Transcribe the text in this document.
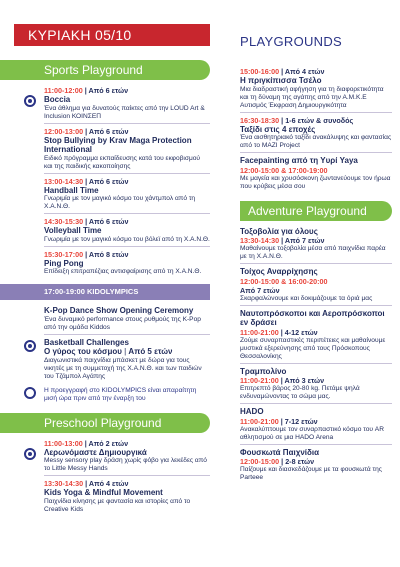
ΚΥΡΙΑΚΗ 05/10
Sports Playground
11:00-12:00 | Από 6 ετών
Boccia
Ένα άθλημα για δυνατούς παίκτες από την LOUD Art & Inclusion ΚΟΙΝΣΕΠ
12:00-13:00 | Από 6 ετών
Stop Bullying by Krav Maga Protection International
Ειδικό πρόγραμμα εκπαίδευσης κατά του εκφοβισμού και της παιδικής κακοποίησης
13:00-14:30 | Από 6 ετών
Handball Time
Γνωριμία με τον μαγικό κόσμο του χάντμπολ από τη Χ.Α.Ν.Θ.
14:30-15:30 | Από 6 ετών
Volleyball Time
Γνωριμία με τον μαγικό κόσμο του βόλεϊ από τη Χ.Α.Ν.Θ.
15:30-17:00 | Από 8 ετών
Ping Pong
Επίδειξη επιτραπέζιας αντισφαίρισης από τη Χ.Α.Ν.Θ.
17:00-19:00 KIDOLYMPICS
K-Pop Dance Show Opening Ceremony
Ένα δυναμικό performance στους ρυθμούς της K-Pop από την ομάδα Kiddos
Basketball Challenges
Ο γύρος του κόσμου | Από 5 ετών
Διαγωνιστικά παιχνίδια μπάσκετ με δώρα για τους νικητές με τη συμμετοχή της Χ.Α.Ν.Θ. και των παιδιών του Τζάμπολ Αγάπης
Η προεγγραφή στο KIDOLYMPICS είναι απαραίτητη μισή ώρα πριν από την έναρξη του
Preschool Playground
11:00-13:00 | Από 2 ετών
Λερωνόμαστε Δημιουργικά
Messy sensory play δράση χωρίς φόβο για λεκέδες από το Little Messy Hands
13:30-14:30 | Από 4 ετών
Kids Yoga & Mindful Movement
Παιχνίδια κίνησης με φαντασία και ιστορίες από το Creative Kids
PLAYGROUNDS
15:00-16:00 | Από 4 ετών
Η πριγκίπισσα Τσέλο
Μια διαδραστική αφήγηση για τη διαφορετικότητα και τη δύναμη της αγάπης από την Α.Μ.Κ.Ε Αυτισμός Έκφραση Δημιουργικότητα
16:30-18:30 | 1-6 ετών & συνοδός
Ταξίδι στις 4 εποχές
Ένα αισθητηριακό ταξίδι ανακάλυψης και φαντασίας από το MAZI Project
Facepainting από τη Υυρί Yaya
12:00-15:00 & 17:00-19:00
Με μαγεία και χρυσόσκονη ζωντανεύουμε τον ήρωα που κρύβεις μέσα σου
Adventure Playground
Τοξοβολία για όλους
13:30-14:30 | Από 7 ετών
Μαθαίνουμε τοξοβολία μέσα από παιχνίδια παρέα με τη Χ.Α.Ν.Θ.
Τοίχος Αναρρίχησης
12:00-15:00 & 16:00-20:00
Από 7 ετών
Σκαρφαλώνουμε και δοκιμάζουμε τα όριά μας
Ναυτοπρόσκοποι και Αεροπρόσκοποι εν δράσει
11:00-21:00 | 4-12 ετών
Ζούμε συναρπαστικές περιπέτειες και μαθαίνουμε μυστικά εξερεύνησης από τους Πρόσκοπους Θεσσαλονίκης
Τραμπολίνο
11:00-21:00 | Από 3 ετών
Επιτρεπτό βάρος 20-80 kg. Πετάμε ψηλά ενδυναμώνοντας το σώμα μας.
HADO
11:00-21:00 | 7-12 ετών
Ανακαλύπτουμε τον συναρπαστικό κόσμο του AR αθλητισμού σε μια HADO Arena
Φουσκωτά Παιχνίδια
12:00-15:00 | 2-8 ετών
Παίζουμε και διασκεδάζουμε με τα φουσκωτά της Parteee
